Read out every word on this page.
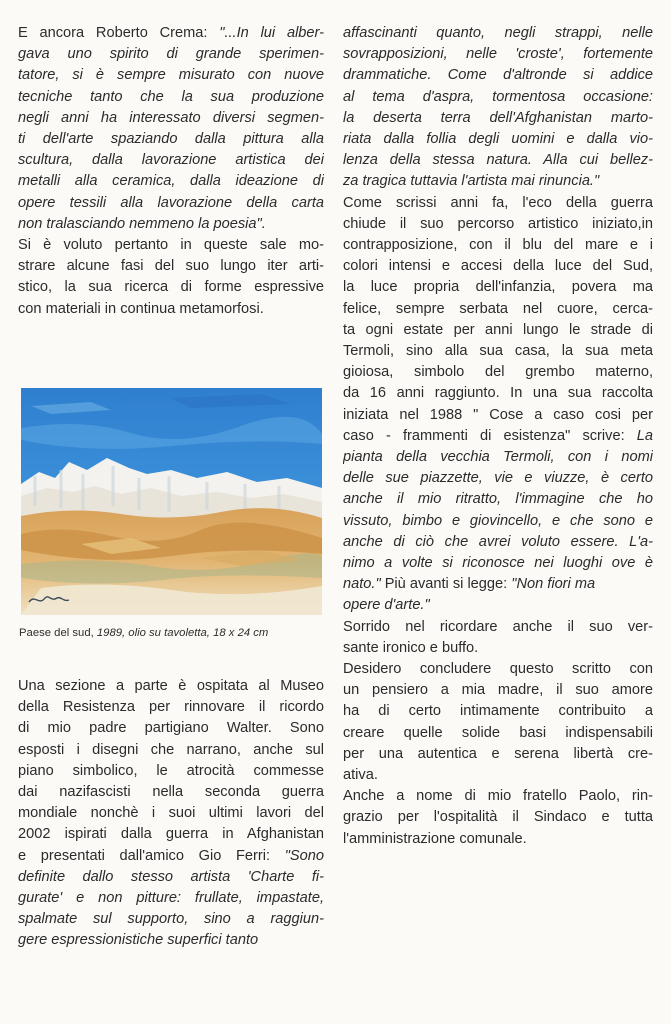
E ancora Roberto Crema: "...In lui alber-
gava uno spirito di grande sperimen-
tatore, si è sempre misurato con nuove
tecniche tanto che la sua produzione
negli anni ha interessato diversi segmen-
ti dell'arte spaziando dalla pittura alla
scultura, dalla lavorazione artistica dei
metalli alla ceramica, dalla ideazione di
opere tessili alla lavorazione della carta
non tralasciando nemmeno la poesia".
Si è voluto pertanto in queste sale mo-
strare alcune fasi del suo lungo iter arti-
stico, la sua ricerca di forme espressive
con materiali in continua metamorfosi.
Paese del sud, 1989, olio su tavoletta, 18 x 24 cm
Una sezione a parte è ospitata al Museo
della Resistenza per rinnovare il ricordo
di mio padre partigiano Walter. Sono
esposti i disegni che narrano, anche sul
piano simbolico, le atrocità commesse
dai nazifascisti nella seconda guerra
mondiale nonchè i suoi ultimi lavori del
2002 ispirati dalla guerra in Afghanistan
e presentati dall'amico Gio Ferri: "Sono
definite dallo stesso artista 'Charte fi-
gurate' e non pitture: frullate, impastate,
spalmate sul supporto, sino a raggiun-
gere espressionistiche superfici tanto
affascinanti quanto, negli strappi, nelle
sovrapposizioni, nelle 'croste', fortemente
drammatiche. Come d'altronde si addice
al tema d'aspra, tormentosa occasione:
la deserta terra dell'Afghanistan marto-
riata dalla follia degli uomini e dalla vio-
lenza della stessa natura. Alla cui bellez-
za tragica tuttavia l'artista mai rinuncia."
Come scrissi anni fa, l'eco della guerra
chiude il suo percorso artistico iniziato,in
contrapposizione, con il blu del mare e i
colori intensi e accesi della luce del Sud,
la luce propria dell'infanzia, povera ma
felice, sempre serbata nel cuore, cerca-
ta ogni estate per anni lungo le strade di
Termoli, sino alla sua casa, la sua meta
gioiosa, simbolo del grembo materno,
da 16 anni raggiunto. In una sua raccolta
iniziata nel 1988 " Cose a caso cosi per
caso - frammenti di esistenza" scrive: La
pianta della vecchia Termoli, con i nomi
delle sue piazzette, vie e viuzze, è certo
anche il mio ritratto, l'immagine che ho
vissuto, bimbo e giovincello, e che sono e
anche di ciò che avrei voluto essere. L'a-
nimo a volte si riconosce nei luoghi ove è
nato." Più avanti si legge: "Non fiori ma
opere d'arte."
Sorrido nel ricordare anche il suo ver-
sante ironico e buffo.
Desidero concludere questo scritto con
un pensiero a mia madre, il suo amore
ha di certo intimamente contribuito a
creare quelle solide basi indispensabili
per una autentica e serena libertà cre-
ativa.
Anche a nome di mio fratello Paolo, rin-
grazio per l'ospitalità il Sindaco e tutta
l'amministrazione comunale.
